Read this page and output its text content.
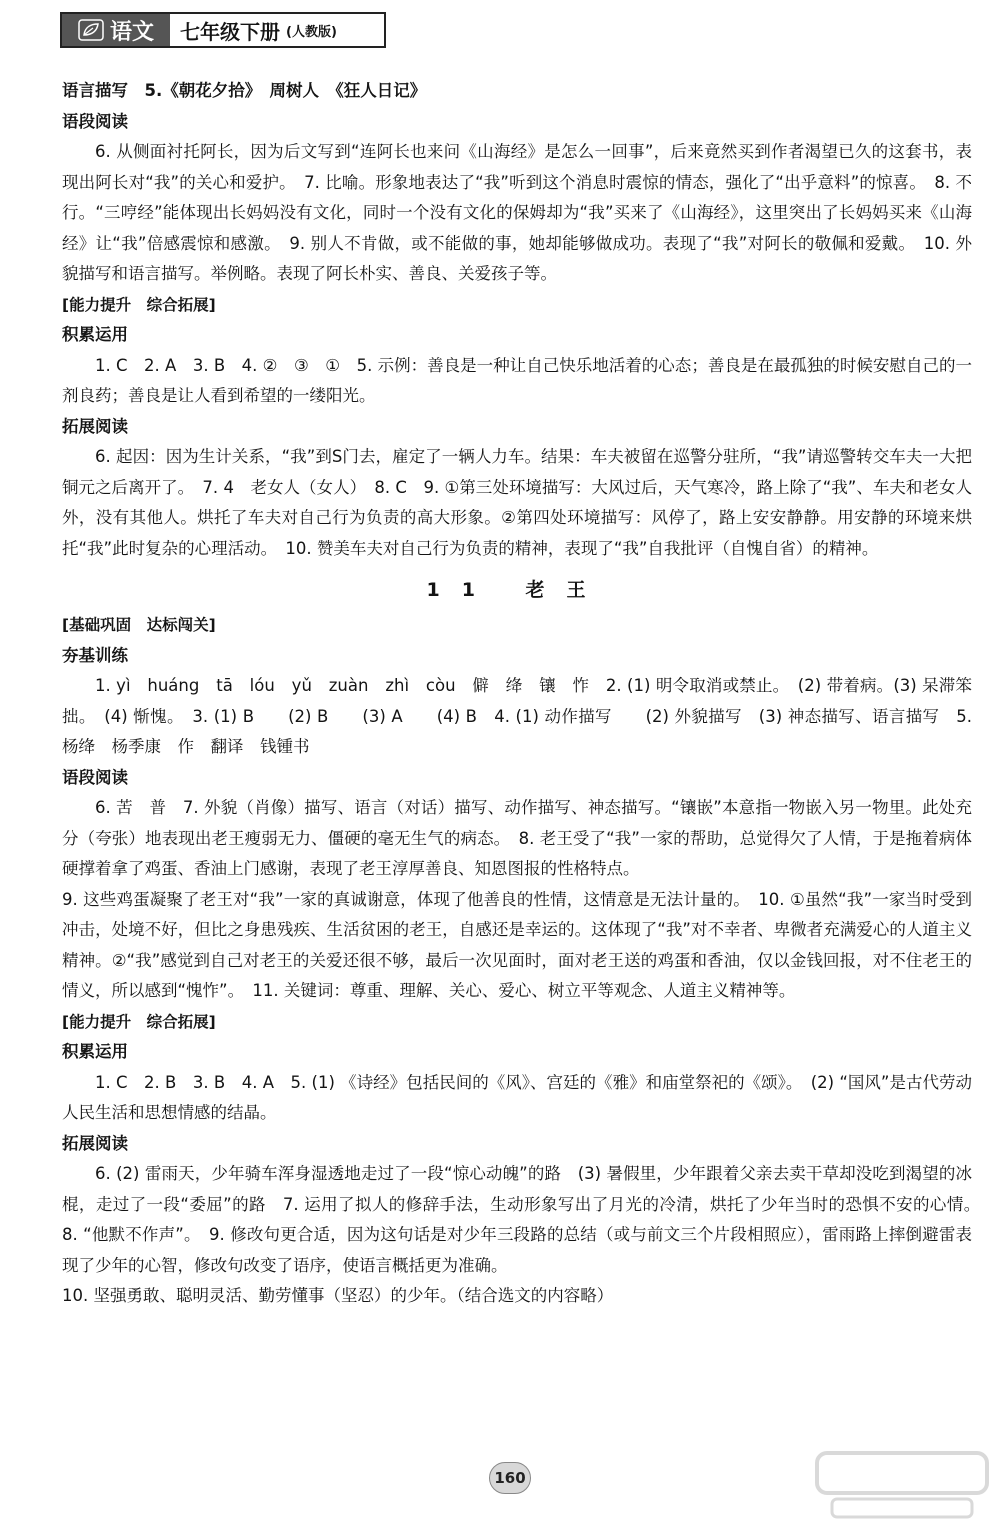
语文 七年级下册 (人教版)
语言描写　5.《朝花夕拾》　周树人　《狂人日记》
语段阅读

6. 从侧面衬托阿长，因为后文写到“连阿长也来问《山海经》是怎么一回事”，后来竟然买到作者渴望已久的这套书，表现出阿长对“我”的关心和爱护。　7. 比喻。形象地表达了“我”听到这个消息时震惊的情态，强化了“出乎意料”的惊喜。　8. 不行。“三哼经”能体现出长妈妈没有文化，同时一个没有文化的保姆却为“我”买来了《山海经》，这里突出了长妈妈买来《山海经》让“我”倍感震惊和感激。　9. 别人不肯做，或不能做的事，她却能够做成功。表现了“我”对阿长的敬佩和爱戴。　10. 外貌描写和语言描写。举例略。表现了阿长朴实、善良、关爱孩子等。

[能力提升　综合拓展]
积累运用

1. C　2. A　3. B　4. ②　③　①　5. 示例：善良是一种让自己快乐地活着的心态；善良是在最孤独的时候安慰自己的一剂良药；善良是让人看到希望的一缕阳光。

拓展阅读

6. 起因：因为生计关系，“我”到S门去，雇定了一辆人力车。结果：车夫被留在巡警分驻所，“我”请巡警转交车夫一大把铜元之后离开了。　7. 4　老女人（女人）　8. C　9. ①第三处环境描写：大风过后，天气寒冷，路上除了“我”、车夫和老女人外，没有其他人。烘托了车夫对自己行为负责的高大形象。②第四处环境描写：风停了，路上安安静静。用安静的环境来烘托“我”此时复杂的心理活动。　10. 赞美车夫对自己行为负责的精神，表现了“我”自我批评（自愧自省）的精神。

11 老王
[基础巩固　达标闯关]
夯基训练

1. yì　huáng　tā　lóu　yǔ　zuàn　zhì　còu　僻　绛　镶　怍　2. (1) 明令取消或禁止。　(2) 带着病。(3) 呆滞笨拙。　(4) 惭愧。　3. (1) B　　(2) B　　(3) A　　(4) B　4. (1) 动作描写　　(2) 外貌描写　(3) 神态描写、语言描写　5. 杨绛　杨季康　作　翻译　钱锺书

语段阅读

6. 苦　普　7. 外貌（肖像）描写、语言（对话）描写、动作描写、神态描写。“镶嵌”本意指一物嵌入另一物里。此处充分（夸张）地表现出老王瘦弱无力、僵硬的毫无生气的病态。　8. 老王受了“我”一家的帮助，总觉得欠了人情，于是拖着病体硬撑着拿了鸡蛋、香油上门感谢，表现了老王淳厚善良、知恩图报的性格特点。

9. 这些鸡蛋凝聚了老王对“我”一家的真诚谢意，体现了他善良的性情，这情意是无法计量的。　10. ①虽然“我”一家当时受到冲击，处境不好，但比之身患残疾、生活贫困的老王，自感还是幸运的。这体现了“我”对不幸者、卑微者充满爱心的人道主义精神。②“我”感觉到自己对老王的关爱还很不够，最后一次见面时，面对老王送的鸡蛋和香油，仅以金钱回报，对不住老王的情义，所以感到“愧怍”。　11. 关键词：尊重、理解、关心、爱心、树立平等观念、人道主义精神等。

[能力提升　综合拓展]
积累运用

1. C　2. B　3. B　4. A　5. (1) 《诗经》包括民间的《风》、宫廷的《雅》和庙堂祭祀的《颂》。　(2) “国风”是古代劳动人民生活和思想情感的结晶。

拓展阅读

6. (2) 雷雨天，少年骑车浑身湿透地走过了一段“惊心动魄”的路　(3) 暑假里，少年跟着父亲去卖干草却没吃到渴望的冰棍，走过了一段“委屈”的路　7. 运用了拟人的修辞手法，生动形象写出了月光的冷清，烘托了少年当时的恐惧不安的心情。　8. “他默不作声”。　9. 修改句更合适，因为这句话是对少年三段路的总结（或与前文三个片段相照应），雷雨路上摔倒避雷表现了少年的心智，修改句改变了语序，使语言概括更为准确。

10. 坚强勇敢、聪明灵活、勤劳懂事（坚忍）的少年。（结合选文的内容略）

160
